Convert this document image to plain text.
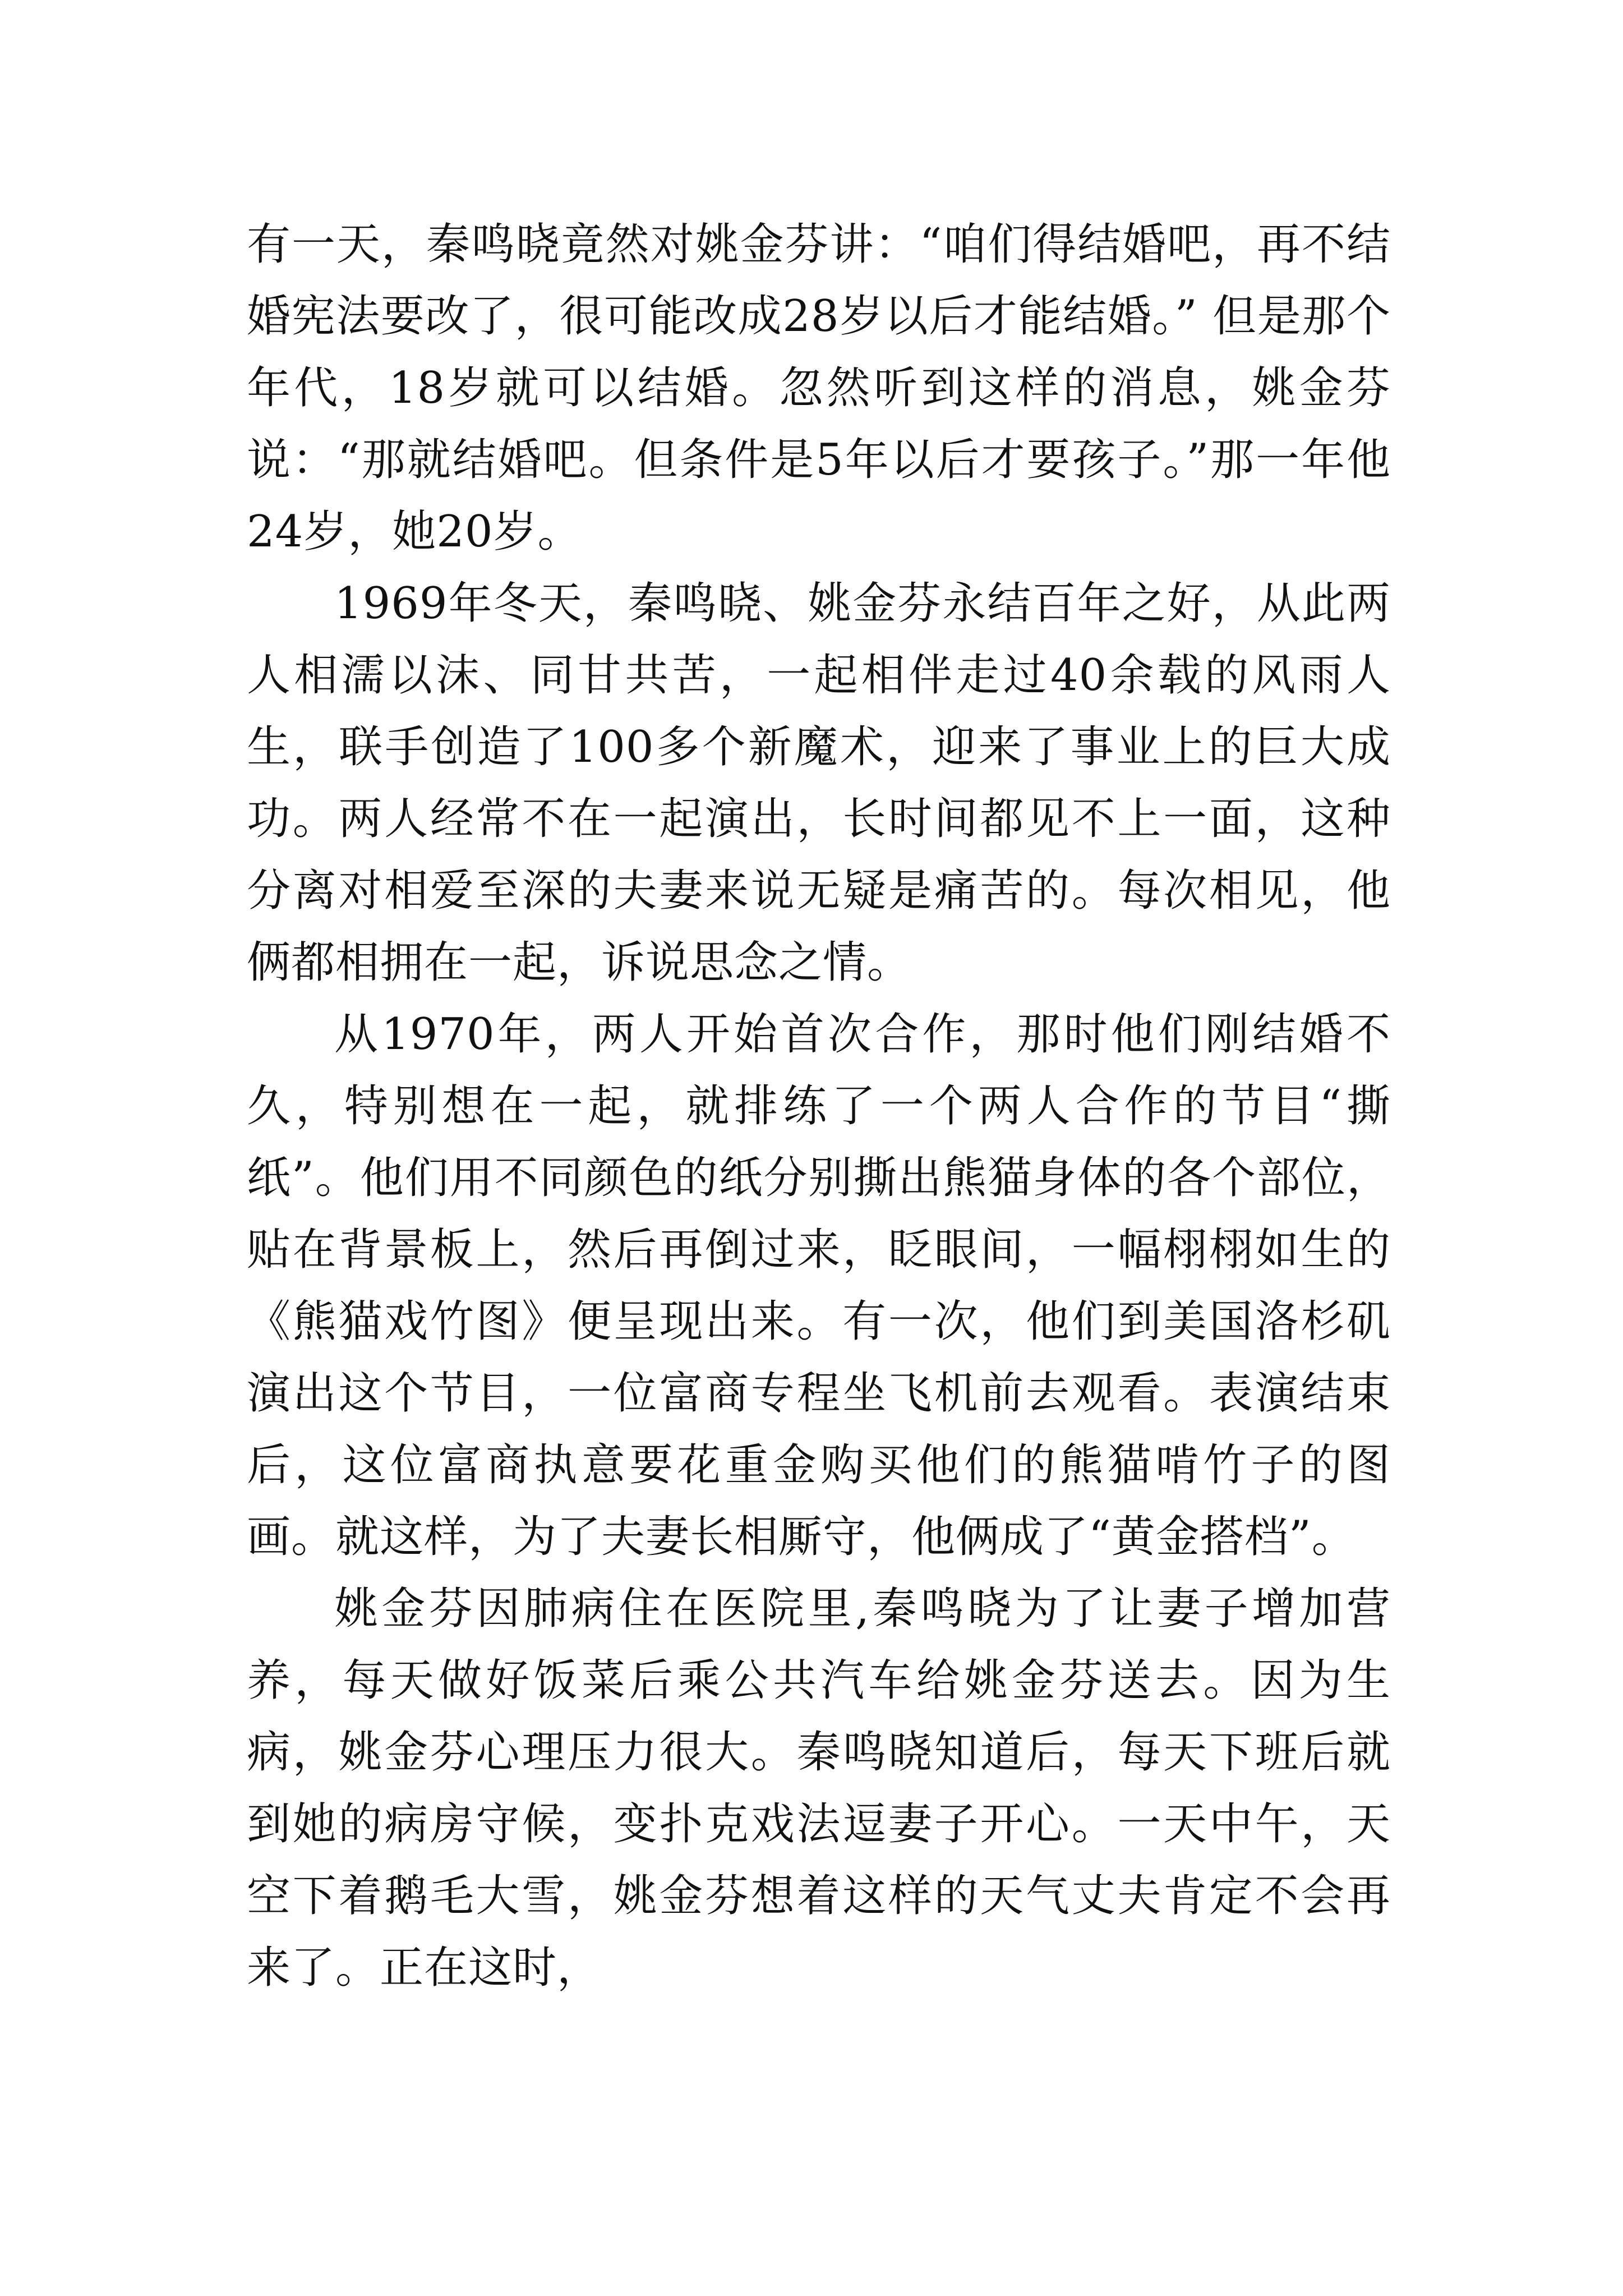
有一天，秦鸣晓竟然对姚金芬讲：“咱们得结婚吧，再不结婚宪法要改了，很可能改成28岁以后才能结婚。” 但是那个年代，18岁就可以结婚。忽然听到这样的消息，姚金芬说：“那就结婚吧。但条件是5年以后才要孩子。”那一年他24岁，她20岁。

1969年冬天，秦鸣晓、姚金芬永结百年之好，从此两人相濡以沫、同甘共苦，一起相伴走过40余载的风雨人生，联手创造了100多个新魔术，迎来了事业上的巨大成功。两人经常不在一起演出，长时间都见不上一面，这种分离对相爱至深的夫妻来说无疑是痛苦的。每次相见，他俩都相拥在一起，诉说思念之情。

从1970年，两人开始首次合作，那时他们刚结婚不久，特别想在一起，就排练了一个两人合作的节目“撕纸”。他们用不同颜色的纸分别撕出熊猫身体的各个部位，贴在背景板上，然后再倒过来，眨眼间，一幅栩栩如生的《熊猫戏竹图》便呈现出来。有一次，他们到美国洛杉矶演出这个节目，一位富商专程坐飞机前去观看。表演结束后，这位富商执意要花重金购买他们的熊猫啃竹子的图画。就这样，为了夫妻长相厮守，他俩成了“黄金搭档”。

姚金芬因肺病住在医院里,秦鸣晓为了让妻子增加营养，每天做好饭菜后乘公共汽车给姚金芬送去。因为生病，姚金芬心理压力很大。秦鸣晓知道后，每天下班后就到她的病房守候，变扑克戏法逗妻子开心。一天中午，天空下着鹅毛大雪，姚金芬想着这样的天气丈夫肯定不会再来了。正在这时，
